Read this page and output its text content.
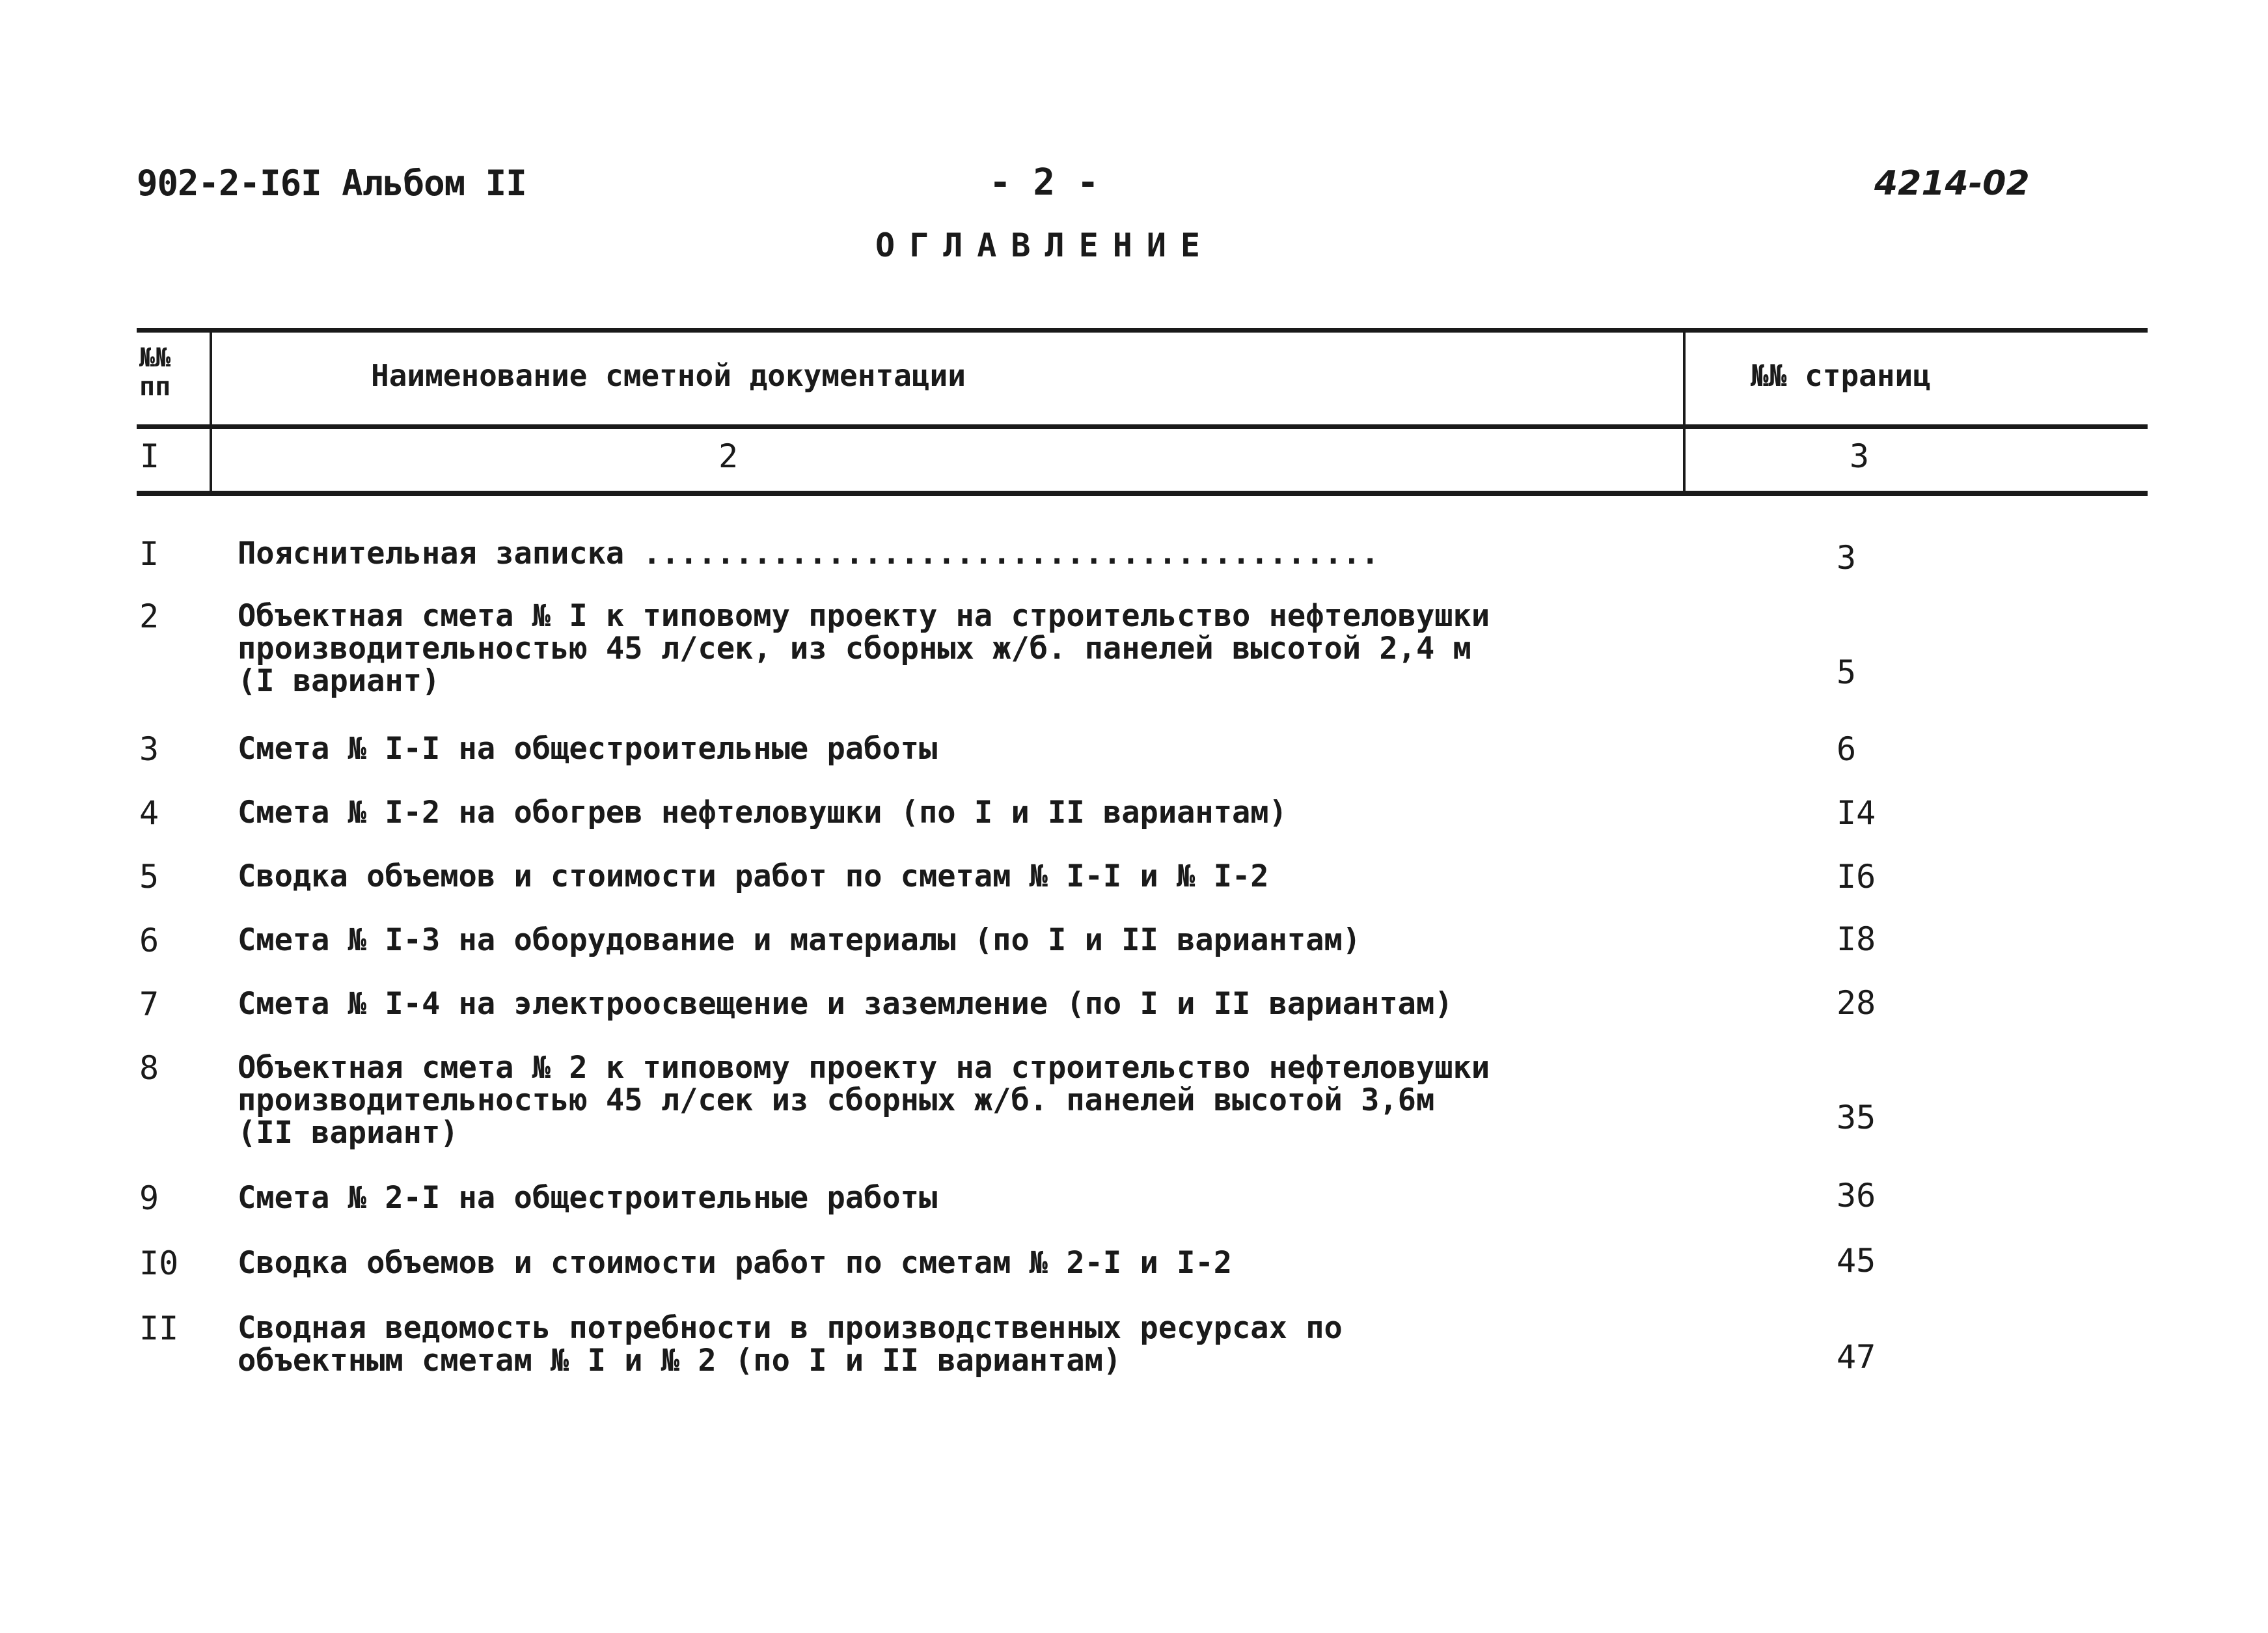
902-2-I6I Альбом II	- 2 -	4214-02
ОГЛАВЛЕНИЕ
№№ пп	Наименование сметной документации	№№ страниц
I	2	3
I	Пояснительная записка ........................................	3
2	Объектная смета № I к типовому проекту на строительство нефтеловушки
производительностью 45 л/сек, из сборных ж/б. панелей высотой 2,4 м
(I вариант)	5
3	Смета № I-I на общестроительные работы	6
4	Смета № I-2 на обогрев нефтеловушки (по I и II вариантам)	I4
5	Сводка объемов и стоимости работ по сметам № I-I и № I-2	I6
6	Смета № I-3 на оборудование и материалы (по I и II вариантам)	I8
7	Смета № I-4 на электроосвещение и заземление (по I и II вариантам)	28
8	Объектная смета № 2 к типовому проекту на строительство нефтеловушки
производительностью 45 л/сек из сборных ж/б. панелей высотой 3,6м
(II вариант)	35
9	Смета № 2-I на общестроительные работы	36
I0 Сводка объемов и стоимости работ по сметам № 2-I и I-2	45
II Сводная ведомость потребности в производственных ресурсах по
объектным сметам № I и № 2 (по I и II вариантам)	47
